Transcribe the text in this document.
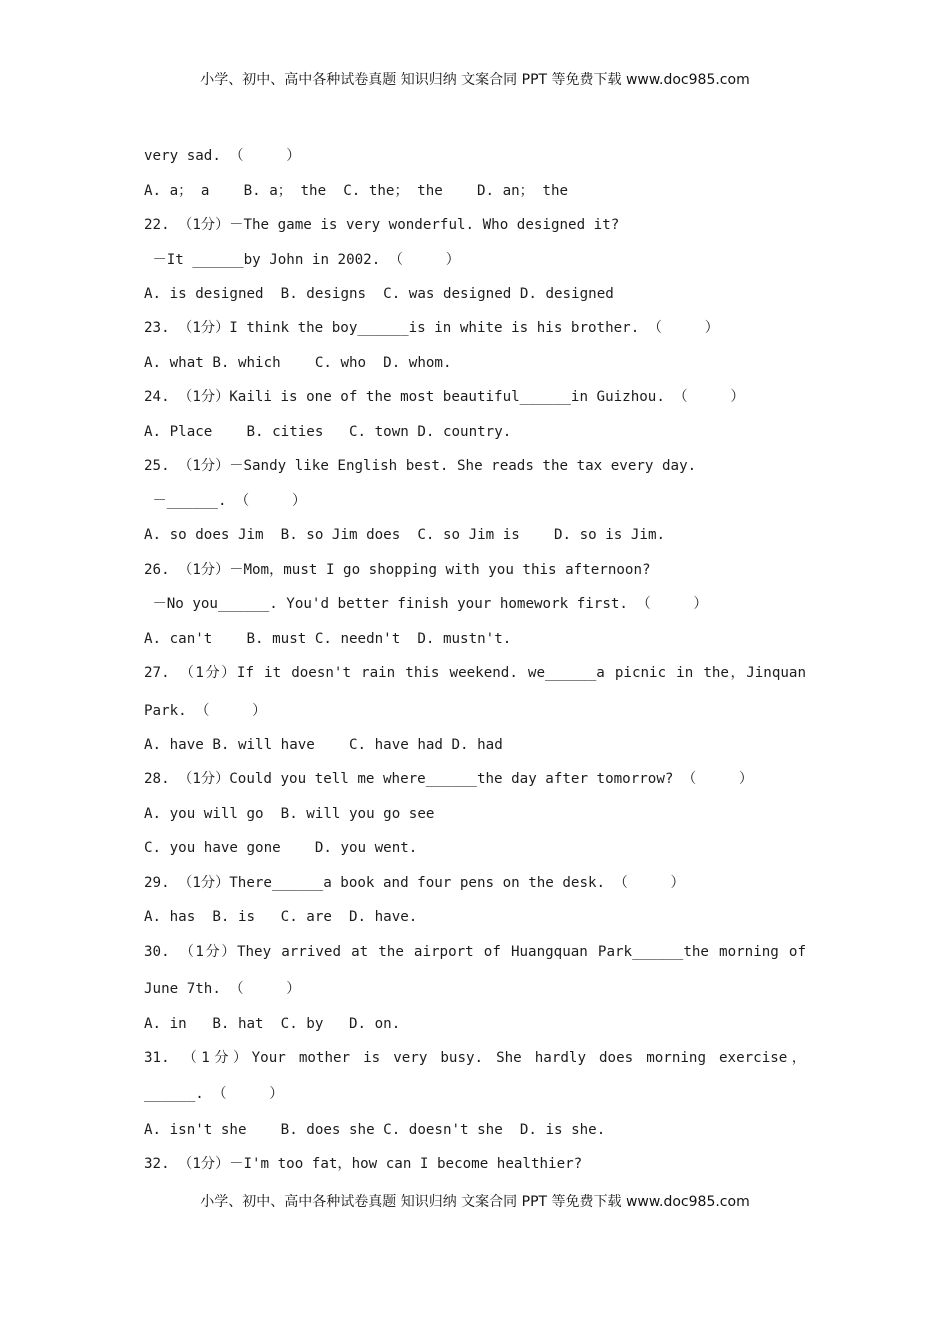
小学、初中、高中各种试卷真题 知识归纳 文案合同 PPT 等免费下载 www.doc985.com
very sad. （     ）
A. a； a    B. a； the  C. the； the    D. an； the
22. （1分）－The game is very wonderful. Who designed it?
－It ______by John in 2002. （     ）
A. is designed  B. designs  C. was designed D. designed
23. （1分）I think the boy______is in white is his brother. （     ）
A. what B. which    C. who  D. whom.
24. （1分）Kaili is one of the most beautiful______in Guizhou. （     ）
A. Place    B. cities   C. town D. country.
25. （1分）－Sandy like English best. She reads the tax every day.
－______. （     ）
A. so does Jim  B. so Jim does  C. so Jim is    D. so is Jim.
26. （1分）－Mom，must I go shopping with you this afternoon?
－No you______. You'd better finish your homework first. （     ）
A. can't    B. must C. needn't  D. mustn't.
27. （1分）If it doesn't rain this weekend. we______a picnic in the，Jinquan
Park. （     ）
A. have B. will have    C. have had D. had
28. （1分）Could you tell me where______the day after tomorrow? （     ）
A. you will go  B. will you go see
C. you have gone    D. you went.
29. （1分）There______a book and four pens on the desk. （     ）
A. has  B. is   C. are  D. have.
30. （1分）They arrived at the airport of Huangquan Park______the morning of
June 7th. （     ）
A. in   B. hat  C. by   D. on.
31. （1分）Your mother is very busy. She hardly does morning exercise，
______. （     ）
A. isn't she    B. does she C. doesn't she  D. is she.
32. （1分）－I'm too fat，how can I become healthier?
小学、初中、高中各种试卷真题 知识归纳 文案合同 PPT 等免费下载 www.doc985.com
